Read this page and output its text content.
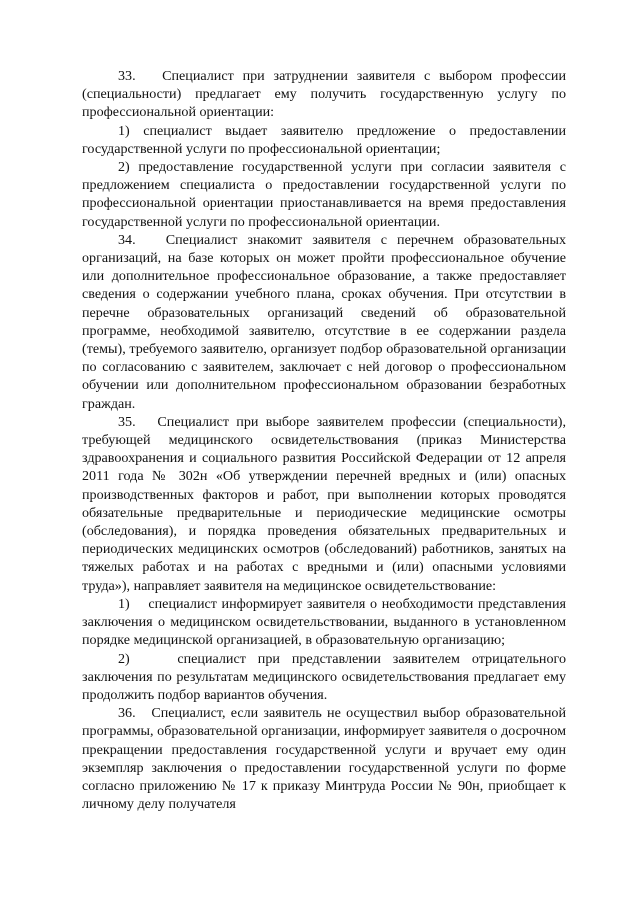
33.   Специалист при затруднении заявителя с выбором профессии (специальности) предлагает ему получить государственную услугу по профессиональной ориентации:

1) специалист выдает заявителю предложение о предоставлении государственной услуги по профессиональной ориентации;

2) предоставление государственной услуги при согласии заявителя с предложением специалиста о предоставлении государственной услуги по профессиональной ориентации приостанавливается на время предоставления государственной услуги по профессиональной ориентации.

34.   Специалист знакомит заявителя с перечнем образовательных организаций, на базе которых он может пройти профессиональное обучение или дополнительное профессиональное образование, а также предоставляет сведения о содержании учебного плана, сроках обучения. При отсутствии в перечне образовательных организаций сведений об образовательной программе, необходимой заявителю, отсутствие в ее содержании раздела (темы), требуемого заявителю, организует подбор образовательной организации по согласованию с заявителем, заключает с ней договор о профессиональном обучении или дополнительном профессиональном образовании безработных граждан.

35.   Специалист при выборе заявителем профессии (специальности), требующей медицинского освидетельствования (приказ Министерства здравоохранения и социального развития Российской Федерации от 12 апреля 2011 года № 302н «Об утверждении перечней вредных и (или) опасных производственных факторов и работ, при выполнении которых проводятся обязательные предварительные и периодические медицинские осмотры (обследования), и порядка проведения обязательных предварительных и периодических медицинских осмотров (обследований) работников, занятых на тяжелых работах и на работах с вредными и (или) опасными условиями труда»), направляет заявителя на медицинское освидетельствование:

1)    специалист информирует заявителя о необходимости представления заключения о медицинском освидетельствовании, выданного в установленном порядке медицинской организацией, в образовательную организацию;

2)    специалист при представлении заявителем отрицательного заключения по результатам медицинского освидетельствования предлагает ему продолжить подбор вариантов обучения.

36.   Специалист, если заявитель не осуществил выбор образовательной программы, образовательной организации, информирует заявителя о досрочном прекращении предоставления государственной услуги и вручает ему один экземпляр заключения о предоставлении государственной услуги по форме согласно приложению № 17 к приказу Минтруда России № 90н, приобщает к личному делу получателя
